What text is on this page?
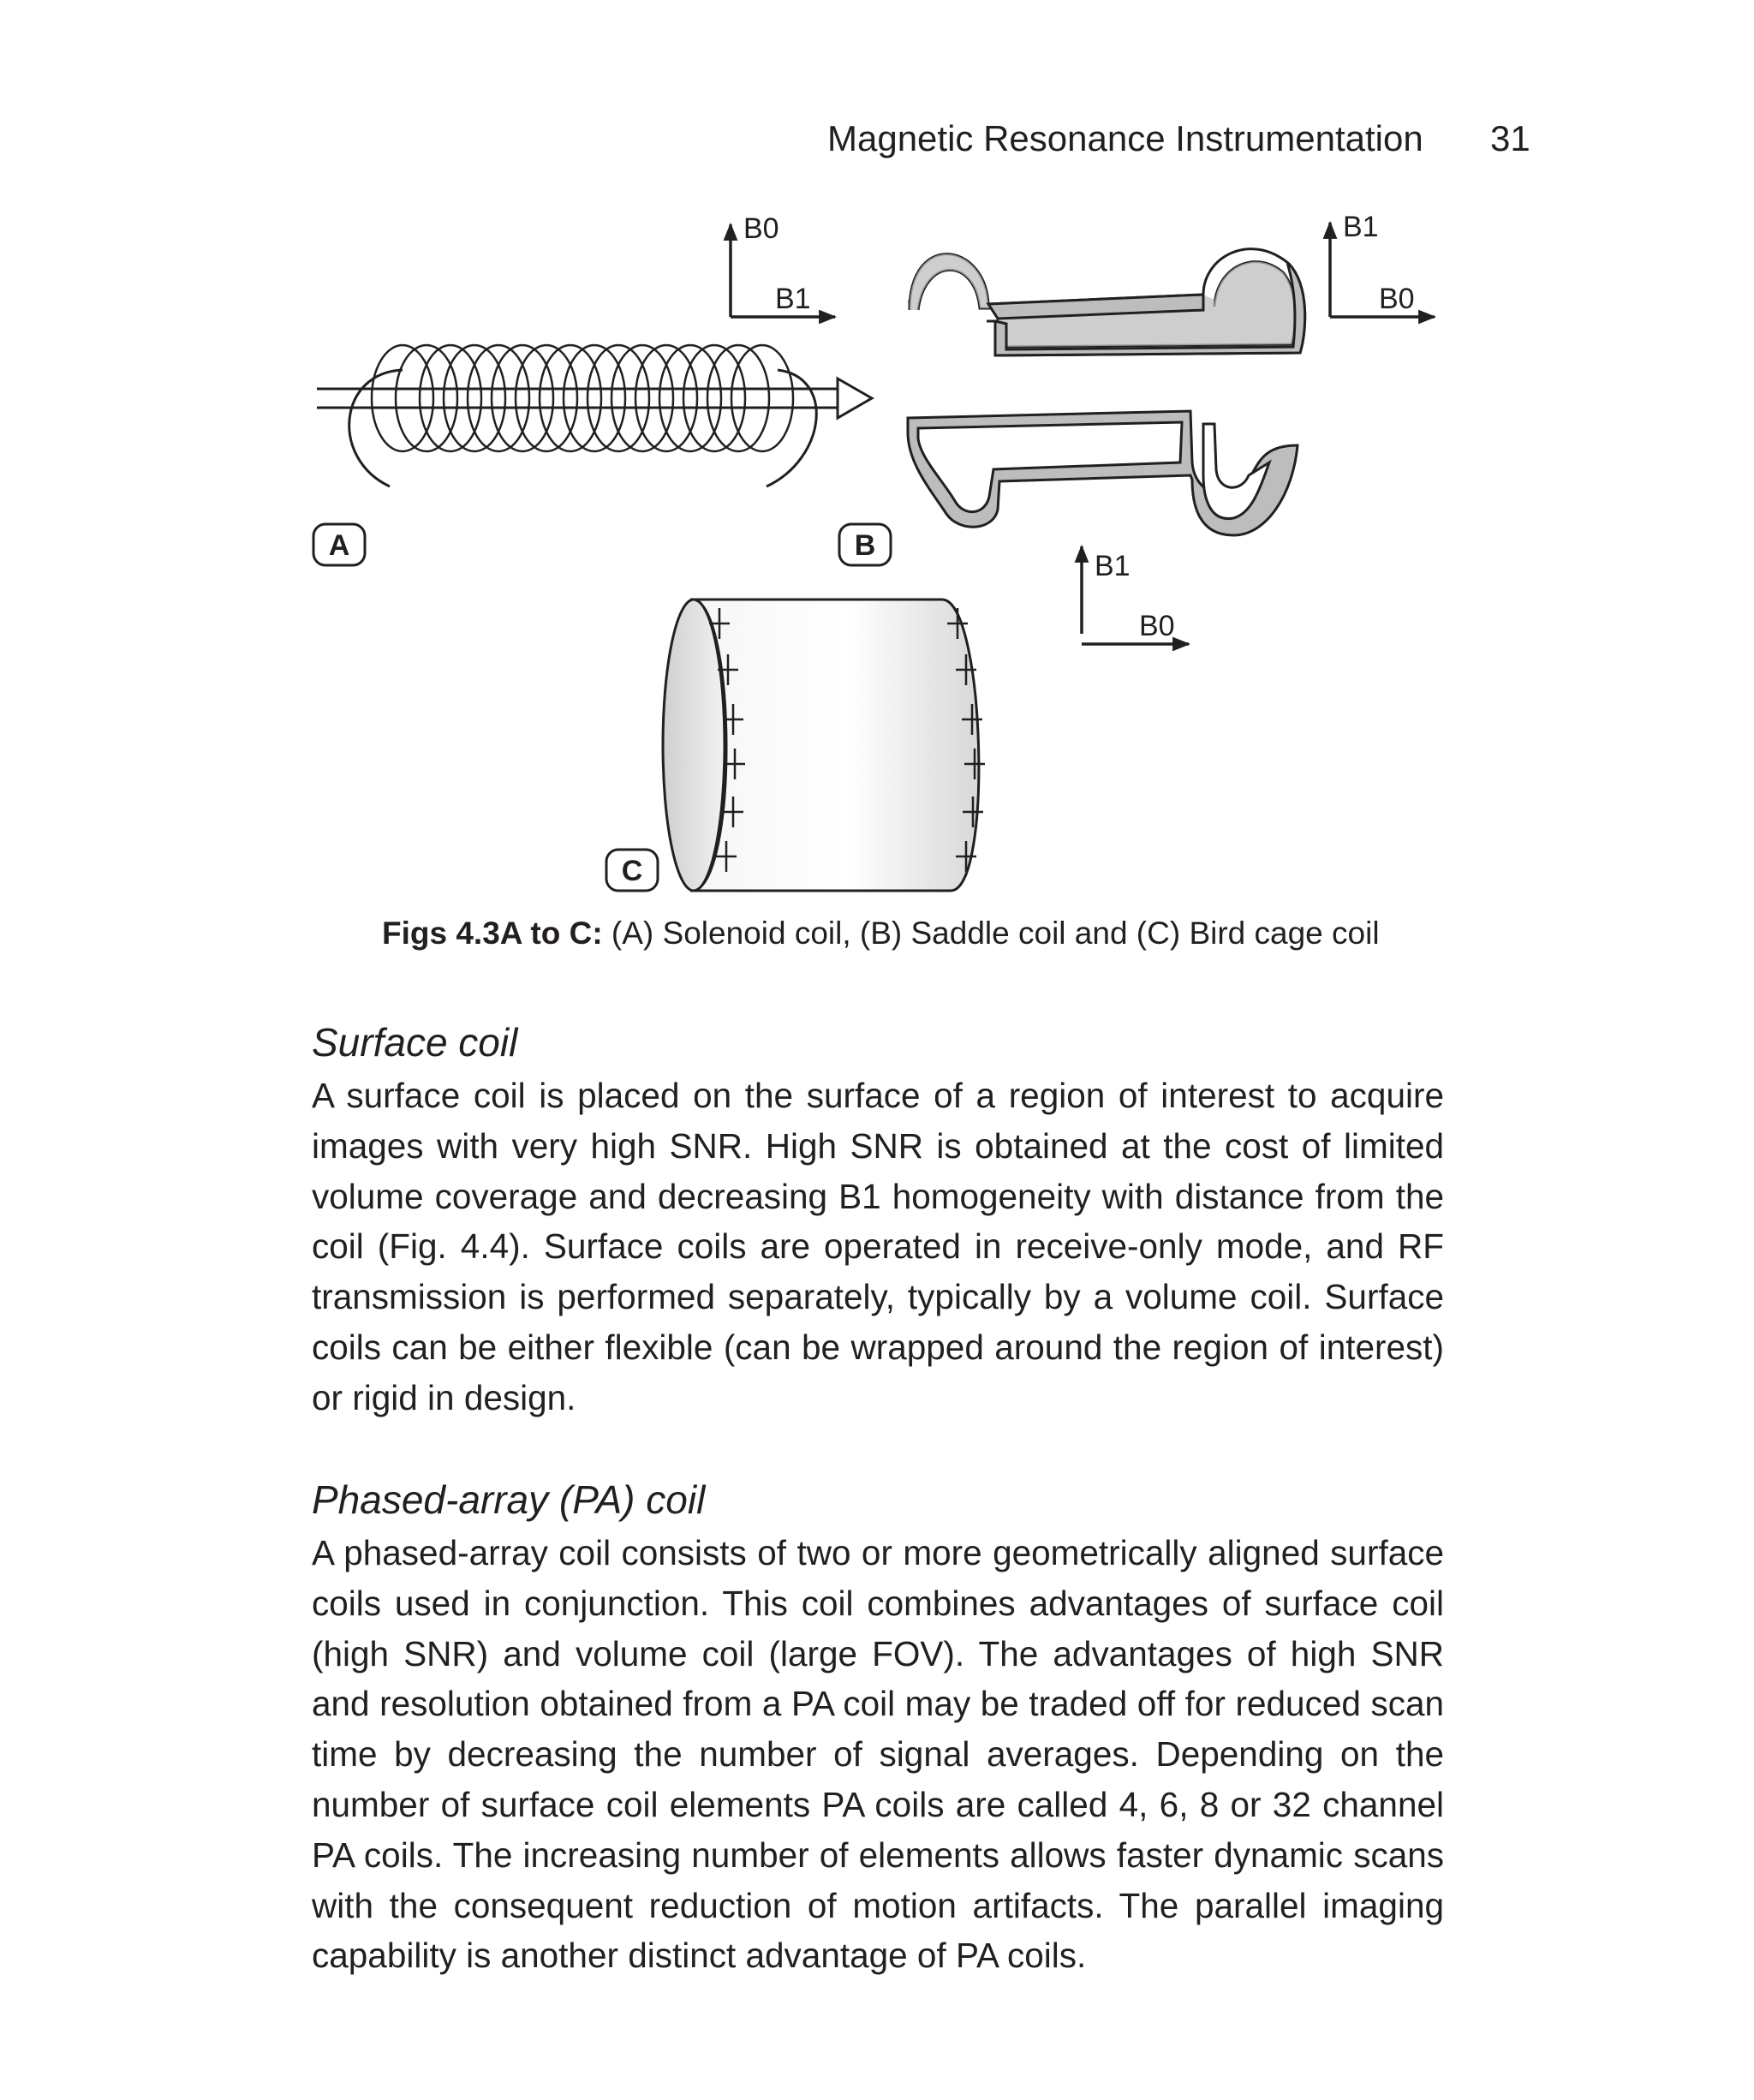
Magnetic Resonance Instrumentation 31
B0
B1
A
B1
B0
B1
B0
B
C
Figs 4.3A to C: (A) Solenoid coil, (B) Saddle coil and (C) Bird cage coil
Surface coil

A surface coil is placed on the surface of a region of interest to acquire images with very high SNR. High SNR is obtained at the cost of limited volume coverage and decreasing B1 homogeneity with distance from the coil (Fig. 4.4). Surface coils are operated in receive-only mode, and RF transmission is performed separately, typically by a volume coil. Surface coils can be either flexible (can be wrapped around the region of interest) or rigid in design.

Phased-array (PA) coil

A phased-array coil consists of two or more geometrically aligned surface coils used in conjunction. This coil combines advantages of surface coil (high SNR) and volume coil (large FOV). The advantages of high SNR and resolution obtained from a PA coil may be traded off for reduced scan time by decreasing the number of signal averages. Depending on the number of surface coil elements PA coils are called 4, 6, 8 or 32 channel PA coils. The increasing number of elements allows faster dynamic scans with the consequent reduction of motion artifacts. The parallel imaging capability is another distinct advantage of PA coils.
